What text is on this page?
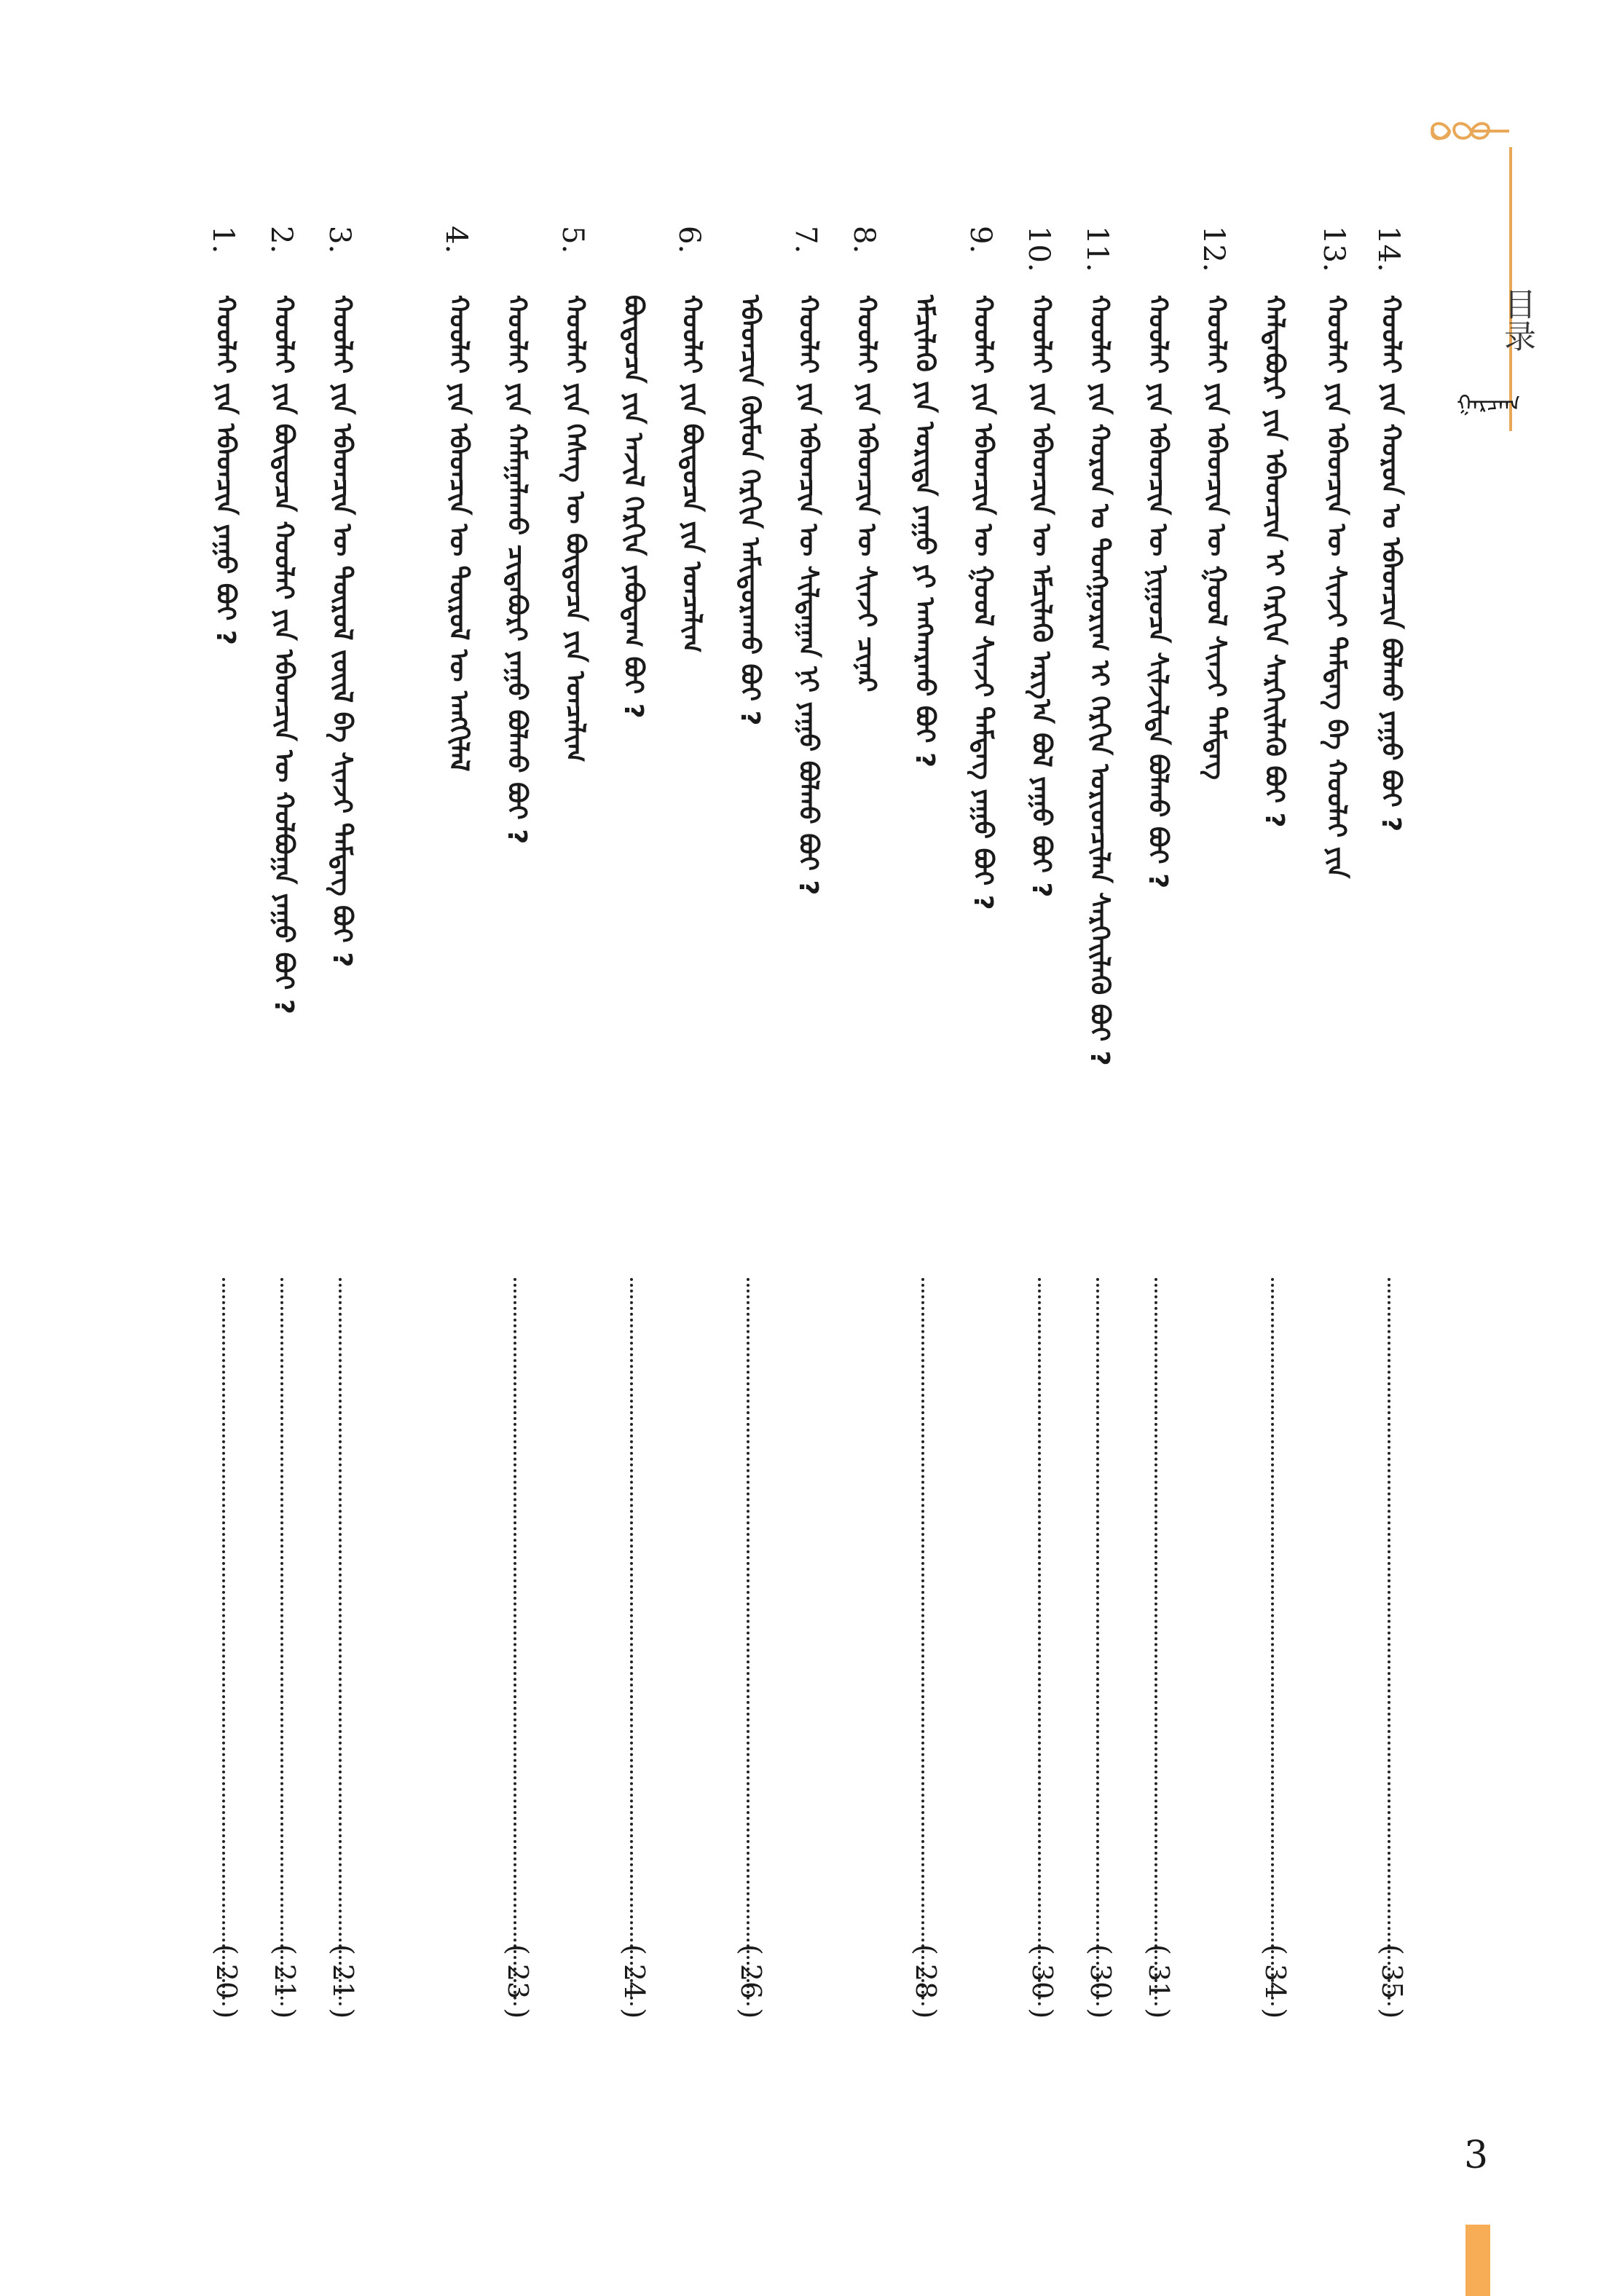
ᠭᠠᠷᠴᠠᠭ
目录
14.
ᠬᠣᠣᠯᠠᠢ ᠶᠢᠨ ᠬᠣᠷᠣᠨ ᠤ ᠡᠪᠡᠳᠴᠢᠨ ᠪᠣᠯᠬᠤ ᠶᠠᠭᠤ ᠪᠤᠢ ?
( 35 )
13.
ᠬᠣᠣᠯᠠᠢ ᠶᠢᠨ ᠡᠪᠡᠳᠴᠢᠨ ᠦ ᠰᠢᠨᠵᠢ ᠲᠡᠮᠳᠡᠭ ᠪᠠ ᠬᠣᠣᠯᠠᠢ ᠶᠢᠨ
ᠬᠠᠯᠳᠠᠪᠤᠷᠢ ᠶᠢᠨ ᠡᠪᠡᠳᠴᠢᠨ ᠢ ᠬᠡᠷᠬᠢᠨ ᠰᠡᠷᠭᠡᠢᠯᠡᠬᠦ ᠪᠤᠢ ?
( 34 )
12.
ᠬᠣᠣᠯᠠᠢ ᠶᠢᠨ ᠡᠪᠡᠳᠴᠢᠨ ᠦ ᠭᠣᠣᠯ ᠰᠢᠨᠵᠢ ᠲᠡᠮᠳᠡᠭ
ᠬᠣᠣᠯᠠᠢ ᠶᠢᠨ ᠡᠪᠡᠳᠴᠢᠨ ᠦ ᠨᠢᠭᠤᠴᠠ ᠰᠢᠯᠵᠢᠯᠲᠡ ᠪᠣᠯᠬᠤ ᠪᠤᠢ ?
( 31 )
11.
ᠬᠣᠣᠯᠠᠢ ᠶᠢᠨ ᠬᠣᠷᠣᠨ ᠤ ᠲᠣᠩᠭᠣᠷᠢᠭ ᠢ ᠬᠡᠷᠬᠢᠨ ᠤᠷᠢᠳᠴᠢᠯᠠᠨ ᠰᠡᠷᠭᠡᠢᠯᠡᠬᠦ ᠪᠤᠢ ?
( 30 )
10.
ᠬᠣᠣᠯᠠᠢ ᠶᠢᠨ ᠡᠪᠡᠳᠴᠢᠨ ᠦ ᠡᠮᠴᠢᠯᠡᠬᠦ ᠠᠷᠭ᠎ᠠ ᠪᠣᠯ ᠶᠠᠭᠤ ᠪᠤᠢ ?
( 30 )
9.
ᠬᠣᠣᠯᠠᠢ ᠶᠢᠨ ᠡᠪᠡᠳᠴᠢᠨ ᠦ ᠭᠣᠣᠯ ᠰᠢᠨᠵᠢ ᠲᠡᠮᠳᠡᠭ ᠶᠠᠭᠤ ᠪᠤᠢ ?
ᠡᠮᠴᠢᠯᠡᠬᠦ ᠶᠢᠨ ᠤᠷᠢᠳᠠ ᠶᠠᠭᠤ ᠶᠢ ᠠᠩᠬᠠᠷᠬᠤ ᠪᠤᠢ ?
( 28 )
8.
ᠬᠣᠣᠯᠠᠢ ᠶᠢᠨ ᠡᠪᠡᠳᠴᠢᠨ ᠦ ᠰᠢᠨᠵᠢ ᠴᠢᠨᠠᠷ
7.
ᠬᠣᠣᠯᠠᠢ ᠶᠢᠨ ᠡᠪᠡᠳᠴᠢᠨ ᠦ ᠰᠢᠯᠳᠠᠭᠠᠨ ᠨᠢ ᠶᠠᠭᠤ ᠪᠣᠯᠬᠤ ᠪᠤᠢ ?
ᠡᠪᠡᠳᠴᠢᠨ ᠬᠦᠮᠦᠨ ᠬᠡᠷᠬᠢᠨ ᠠᠮᠢᠳᠤᠷᠠᠬᠤ ᠪᠤᠢ ?
( 26 )
6.
ᠬᠣᠣᠯᠠᠢ ᠶᠢᠨ ᠪᠦᠲᠦᠴᠡ ᠶᠢᠨ ᠣᠨᠴᠠᠯᠢᠭ
ᠪᠦᠲᠦᠴᠡ ᠶᠢᠨ ᠠᠵᠢᠯ ᠬᠡᠷᠬᠢᠨ ᠶᠠᠪᠤᠳᠠᠭ ᠪᠤᠢ ?
( 24 )
5.
ᠬᠣᠣᠯᠠᠢ ᠶᠢᠨ ᠬᠡᠰᠡᠭ ᠦ ᠪᠦᠲᠦᠴᠡ ᠶᠢᠨ ᠣᠨᠴᠠᠯᠢᠭ
ᠬᠣᠣᠯᠠᠢ ᠶᠢᠨ ᠬᠠᠮᠠᠭᠠᠯᠠᠬᠤ ᠴᠢᠳᠠᠪᠤᠷᠢ ᠶᠠᠭᠤ ᠪᠣᠯᠬᠤ ᠪᠤᠢ ?
( 23 )
4.
ᠬᠣᠣᠯᠠᠢ ᠶᠢᠨ ᠡᠪᠡᠳᠴᠢᠨ ᠦ ᠲᠦᠷᠦᠯ ᠦ ᠠᠩᠭᠢᠯᠠᠯ
3.
ᠬᠣᠣᠯᠠᠢ ᠶᠢᠨ ᠡᠪᠡᠳᠴᠢᠨ ᠦ ᠲᠦᠷᠦᠯ ᠵᠦᠢᠯ ᠪᠠ ᠰᠢᠨᠵᠢ ᠲᠡᠮᠳᠡᠭ ᠪᠤᠢ ?
( 21 )
2.
ᠬᠣᠣᠯᠠᠢ ᠶᠢᠨ ᠪᠦᠲᠦᠴᠡ ᠬᠣᠣᠯᠠᠢ ᠶᠢᠨ ᠡᠪᠡᠳᠴᠢᠨ ᠦ ᠬᠣᠯᠪᠣᠭᠠ ᠶᠠᠭᠤ ᠪᠤᠢ ?
( 21 )
1.
ᠬᠣᠣᠯᠠᠢ ᠶᠢᠨ ᠡᠪᠡᠳᠴᠢᠨ ᠶᠠᠭᠤ ᠪᠤᠢ ?
( 20 )
3
